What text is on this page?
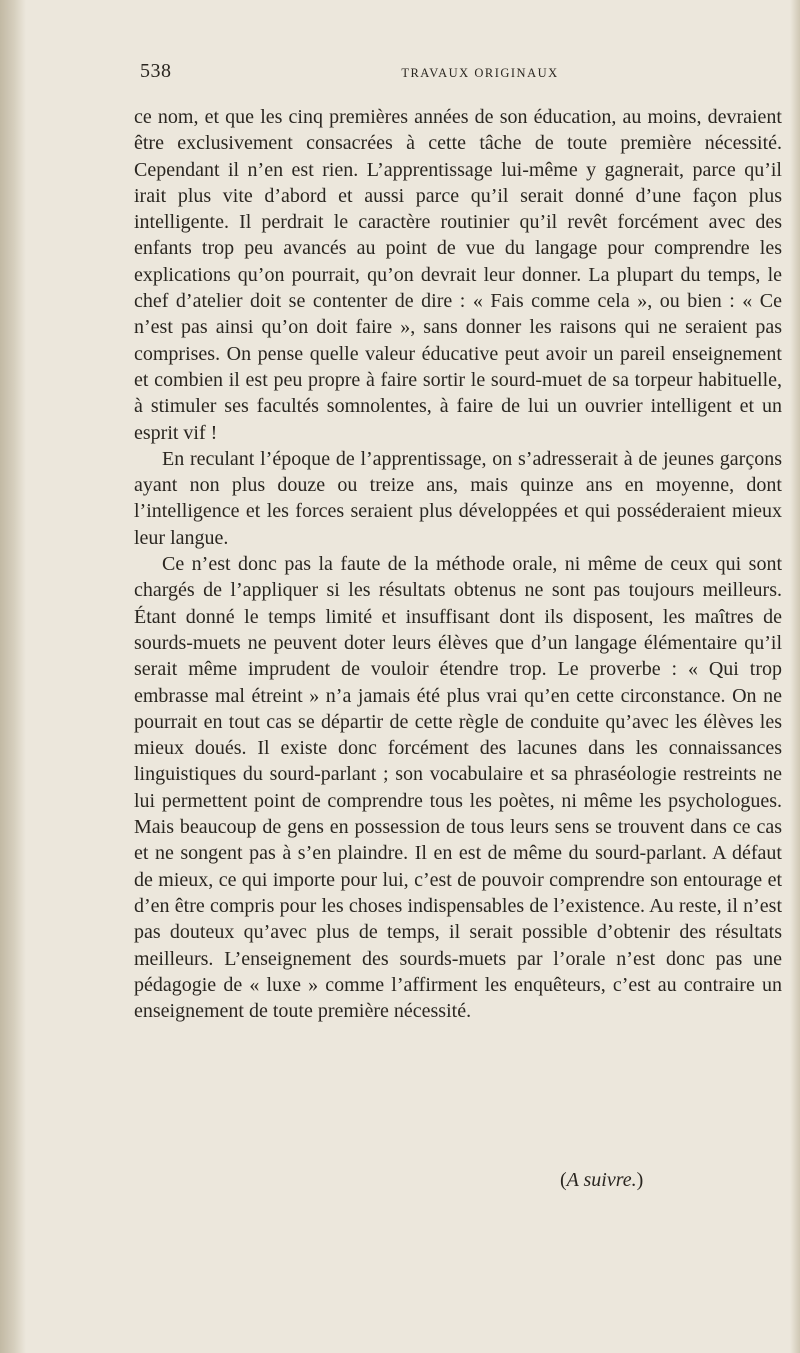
538	TRAVAUX ORIGINAUX

ce nom, et que les cinq premières années de son éducation, au moins, devraient être exclusivement consacrées à cette tâche de toute première nécessité. Cependant il n’en est rien. L’apprentissage lui-même y gagnerait, parce qu’il irait plus vite d’abord et aussi parce qu’il serait donné d’une façon plus intelligente. Il perdrait le caractère routinier qu’il revêt forcément avec des enfants trop peu avancés au point de vue du langage pour comprendre les explications qu’on pourrait, qu’on devrait leur donner. La plupart du temps, le chef d’atelier doit se contenter de dire : « Fais comme cela », ou bien : « Ce n’est pas ainsi qu’on doit faire », sans donner les raisons qui ne seraient pas comprises. On pense quelle valeur éducative peut avoir un pareil enseignement et combien il est peu propre à faire sortir le sourd-muet de sa torpeur habituelle, à stimuler ses facultés somnolentes, à faire de lui un ouvrier intelligent et un esprit vif !

En reculant l’époque de l’apprentissage, on s’adresserait à de jeunes garçons ayant non plus douze ou treize ans, mais quinze ans en moyenne, dont l’intelligence et les forces seraient plus développées et qui posséderaient mieux leur langue.

Ce n’est donc pas la faute de la méthode orale, ni même de ceux qui sont chargés de l’appliquer si les résultats obtenus ne sont pas toujours meilleurs. Étant donné le temps limité et insuffisant dont ils disposent, les maîtres de sourds-muets ne peuvent doter leurs élèves que d’un langage élémentaire qu’il serait même imprudent de vouloir étendre trop. Le proverbe : « Qui trop embrasse mal étreint » n’a jamais été plus vrai qu’en cette circonstance. On ne pourrait en tout cas se départir de cette règle de conduite qu’avec les élèves les mieux doués. Il existe donc forcément des lacunes dans les connaissances linguistiques du sourd-parlant ; son vocabulaire et sa phraséologie restreints ne lui permettent point de comprendre tous les poètes, ni même les psychologues. Mais beaucoup de gens en possession de tous leurs sens se trouvent dans ce cas et ne songent pas à s’en plaindre. Il en est de même du sourd-parlant. A défaut de mieux, ce qui importe pour lui, c’est de pouvoir comprendre son entourage et d’en être compris pour les choses indispensables de l’existence. Au reste, il n’est pas douteux qu’avec plus de temps, il serait possible d’obtenir des résultats meilleurs. L’enseignement des sourds-muets par l’orale n’est donc pas une pédagogie de « luxe » comme l’affirment les enquêteurs, c’est au contraire un enseignement de toute première nécessité.

(A suivre.)
